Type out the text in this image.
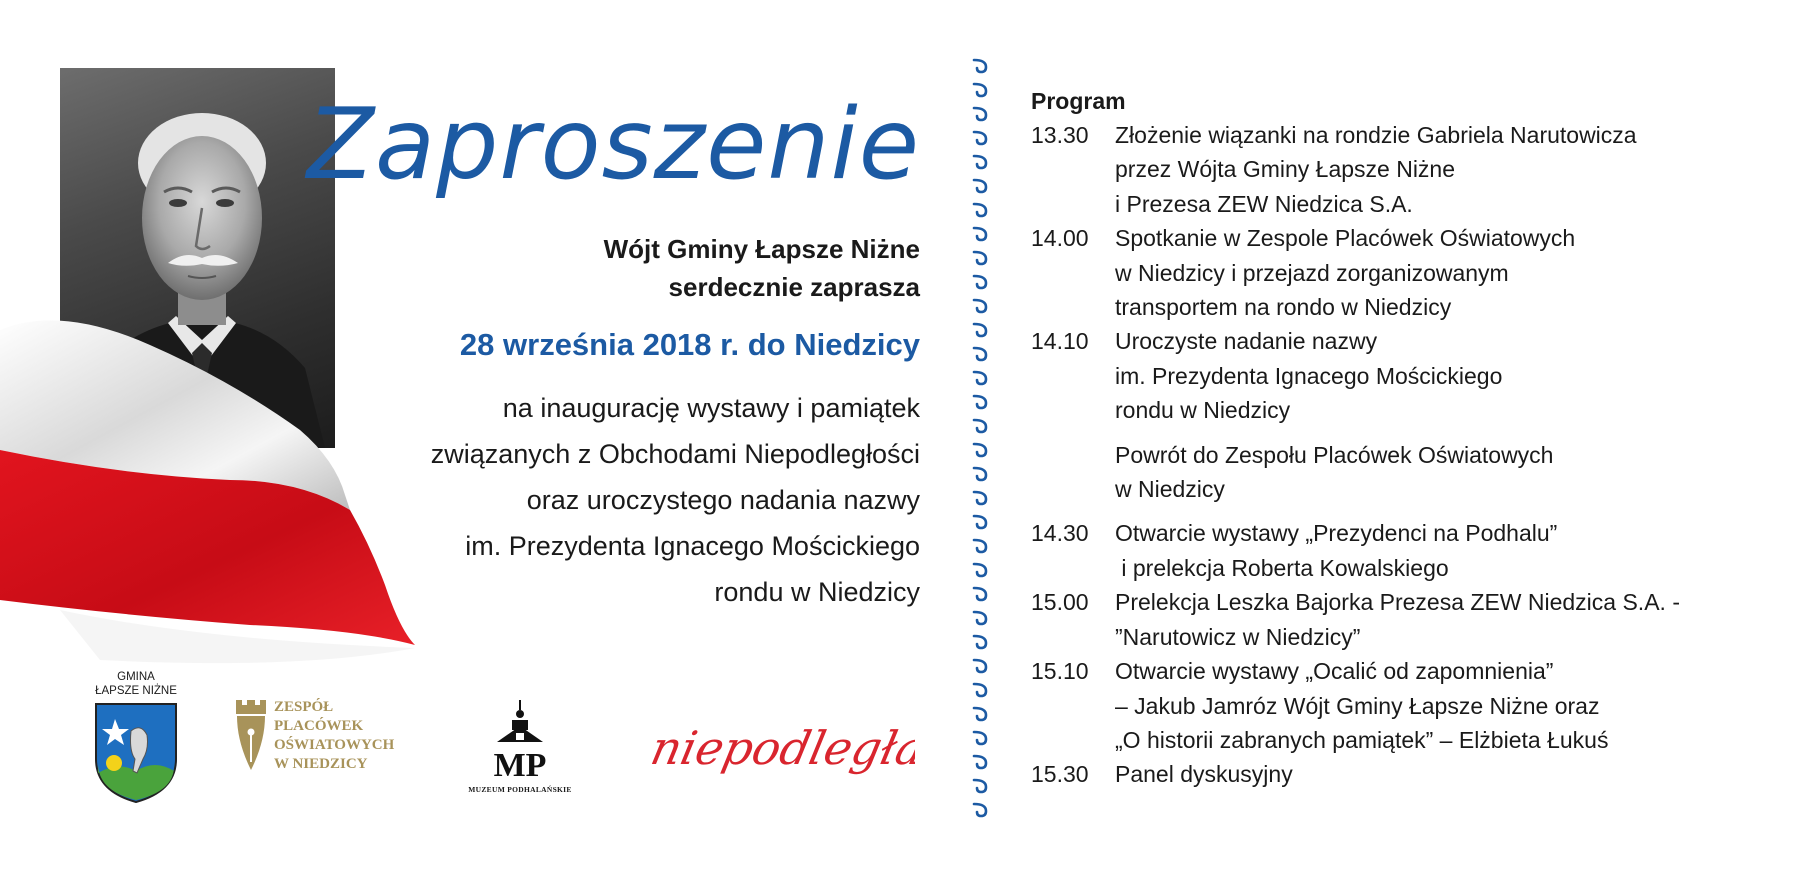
Zaproszenie
Wójt Gminy Łapsze Niżne
serdecznie zaprasza
28 września 2018 r. do Niedzicy
na inaugurację wystawy i pamiątek
związanych z Obchodami Niepodległości
oraz uroczystego nadania nazwy
im. Prezydenta Ignacego Mościckiego
rondu w Niedzicy
Program
13.30	Złożenie wiązanki na rondzie Gabriela Narutowicza
przez Wójta Gminy Łapsze Niżne
i Prezesa ZEW Niedzica S.A.
14.00	Spotkanie w Zespole Placówek Oświatowych
w Niedzicy i przejazd zorganizowanym
transportem na rondo w Niedzicy
14.10	Uroczyste nadanie nazwy
im. Prezydenta Ignacego Mościckiego
rondu w Niedzicy
Powrót do Zespołu Placówek Oświatowych
w Niedzicy
14.30	Otwarcie wystawy „Prezydenci na Podhalu”
i prelekcja Roberta Kowalskiego
15.00	Prelekcja Leszka Bajorka Prezesa ZEW Niedzica S.A. -
”Narutowicz w Niedzicy”
15.10	Otwarcie wystawy „Ocalić od zapomnienia”
– Jakub Jamróz Wójt Gminy Łapsze Niżne oraz
„O historii zabranych pamiątek” – Elżbieta Łukuś
15.30	Panel dyskusyjny
GMINA
ŁAPSZE NIŻNE
ZESPÓŁ
PLACÓWEK
OŚWIATOWYCH
W NIEDZICY	MP
MUZEUM PODHALAŃSKIE
niepodległa
